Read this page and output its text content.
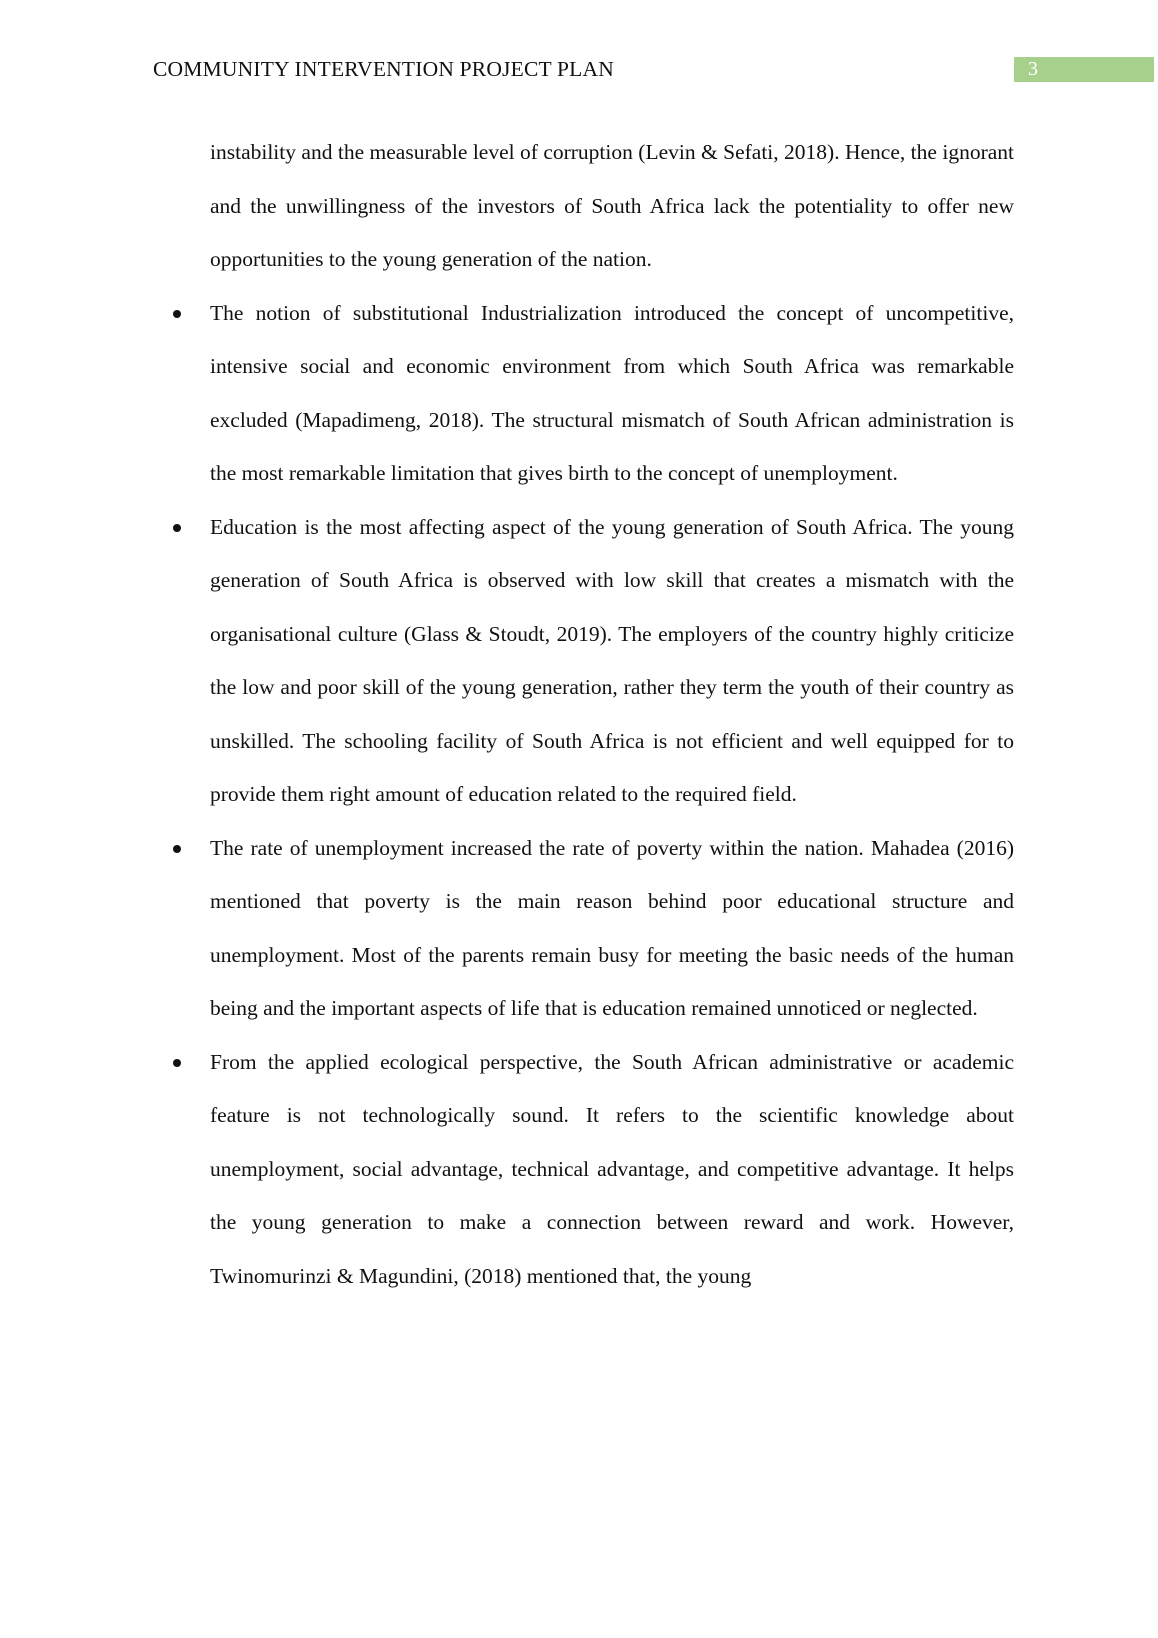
COMMUNITY INTERVENTION PROJECT PLAN	3

instability and the measurable level of corruption (Levin & Sefati, 2018). Hence, the ignorant and the unwillingness of the investors of South Africa lack the potentiality to offer new opportunities to the young generation of the nation.

The notion of substitutional Industrialization introduced the concept of uncompetitive, intensive social and economic environment from which South Africa was remarkable excluded (Mapadimeng, 2018). The structural mismatch of South African administration is the most remarkable limitation that gives birth to the concept of unemployment.
Education is the most affecting aspect of the young generation of South Africa. The young generation of South Africa is observed with low skill that creates a mismatch with the organisational culture (Glass & Stoudt, 2019). The employers of the country highly criticize the low and poor skill of the young generation, rather they term the youth of their country as unskilled. The schooling facility of South Africa is not efficient and well equipped for to provide them right amount of education related to the required field.
The rate of unemployment increased the rate of poverty within the nation. Mahadea (2016) mentioned that poverty is the main reason behind poor educational structure and unemployment. Most of the parents remain busy for meeting the basic needs of the human being and the important aspects of life that is education remained unnoticed or neglected.
From the applied ecological perspective, the South African administrative or academic feature is not technologically sound. It refers to the scientific knowledge about unemployment, social advantage, technical advantage, and competitive advantage. It helps the young generation to make a connection between reward and work. However, Twinomurinzi & Magundini, (2018) mentioned that, the young
